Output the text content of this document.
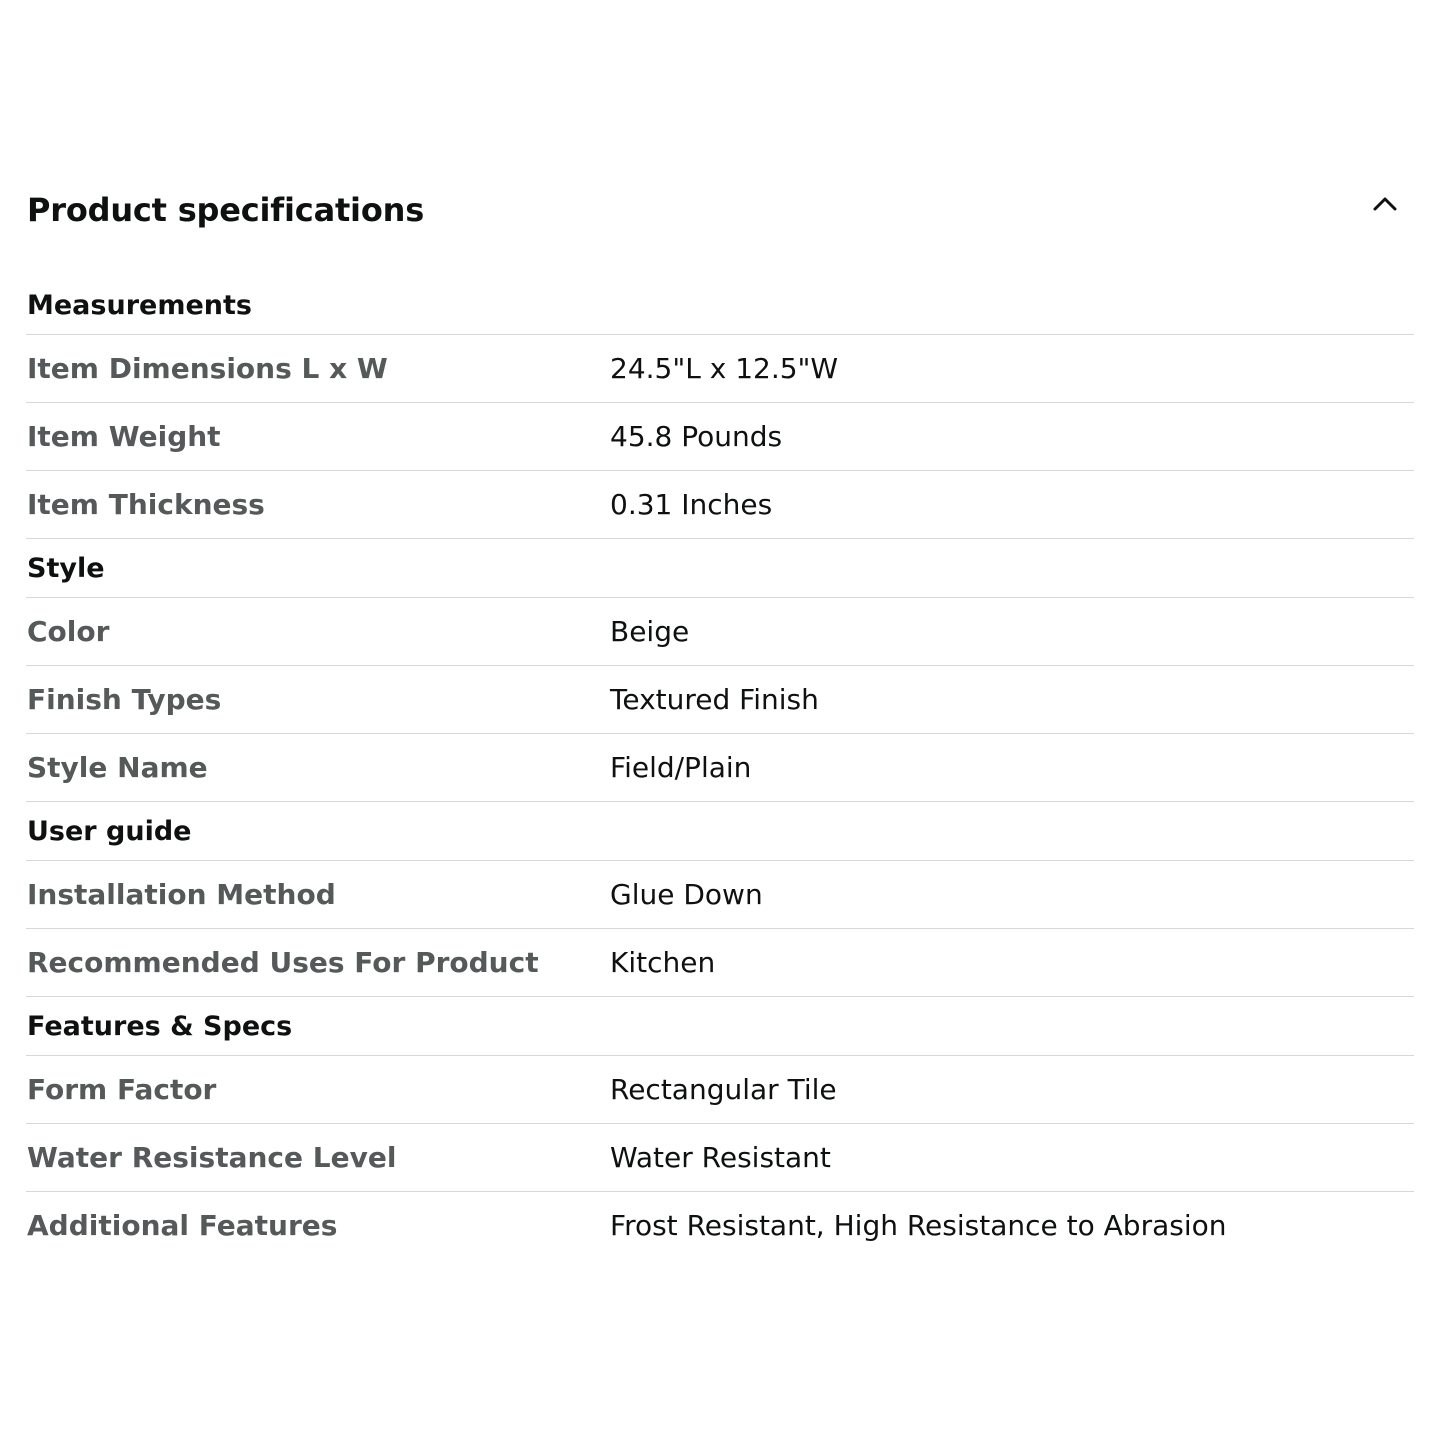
Product specifications
Measurements
Item Dimensions L x W	24.5"L x 12.5"W
Item Weight	45.8 Pounds
Item Thickness	0.31 Inches
Style
Color	Beige
Finish Types	Textured Finish
Style Name	Field/Plain
User guide
Installation Method	Glue Down
Recommended Uses For Product	Kitchen
Features & Specs
Form Factor	Rectangular Tile
Water Resistance Level	Water Resistant
Additional Features	Frost Resistant, High Resistance to Abrasion
